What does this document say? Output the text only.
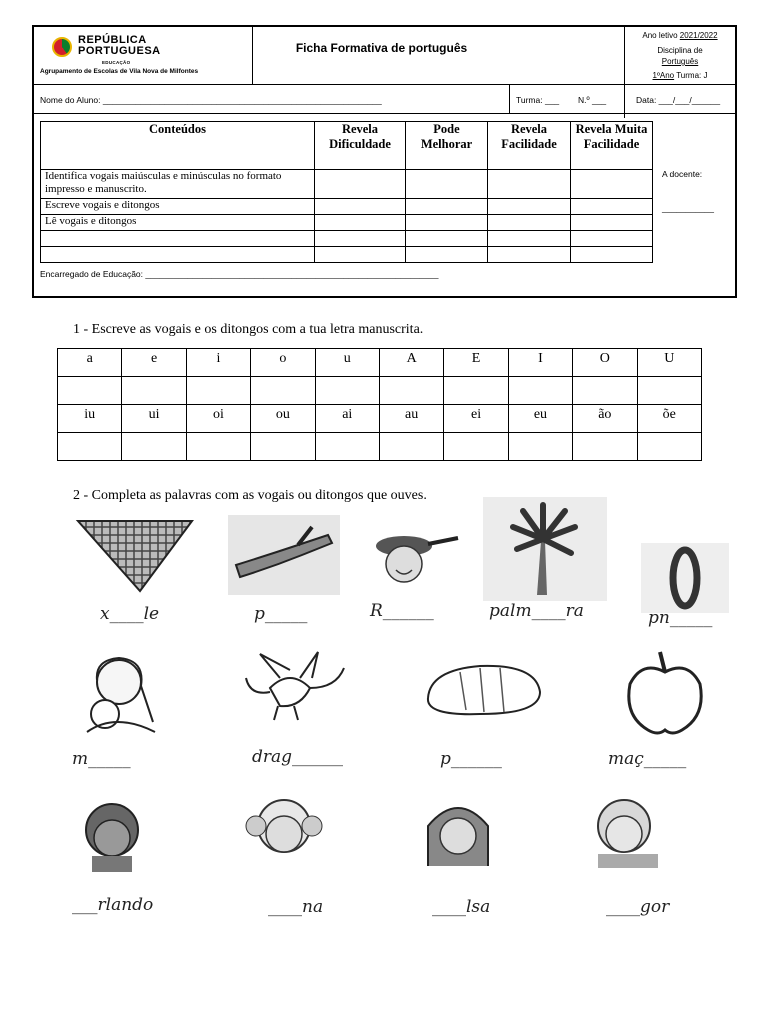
REPÚBLICA
PORTUGUESA
EDUCAÇÃO
Agrupamento de Escolas de Vila Nova de Milfontes
Ficha Formativa de português
Ano letivo 2021/2022
Disciplina de
Português
1ºAno Turma: J
Nome do Aluno: ___________________________________________________________	Turma: ___ N.º ___	Data: ___/___/______
Conteúdos	Revela Dificuldade	Pode Melhorar	Revela Facilidade	Revela Muita Facilidade
Identifica vogais maiúsculas e minúsculas no formato impresso e manuscrito.				
Escreve vogais e ditongos				
Lê vogais e ditongos				

A docente:
___________
Encarregado de Educação: ______________________________________________________________
1 - Escreve as vogais e os ditongos com a tua letra manuscrita.
a	e	i	o	u	A	E	I	O	U

iu	ui	oi	ou	ai	au	ei	eu	ão	õe

2 - Completa as palavras com as vogais ou ditongos que ouves.
x____le	p_____	R______	palm____ra	pn_____
m_____	drag______	p______	maç_____
___rlando	____na	____lsa	____gor
